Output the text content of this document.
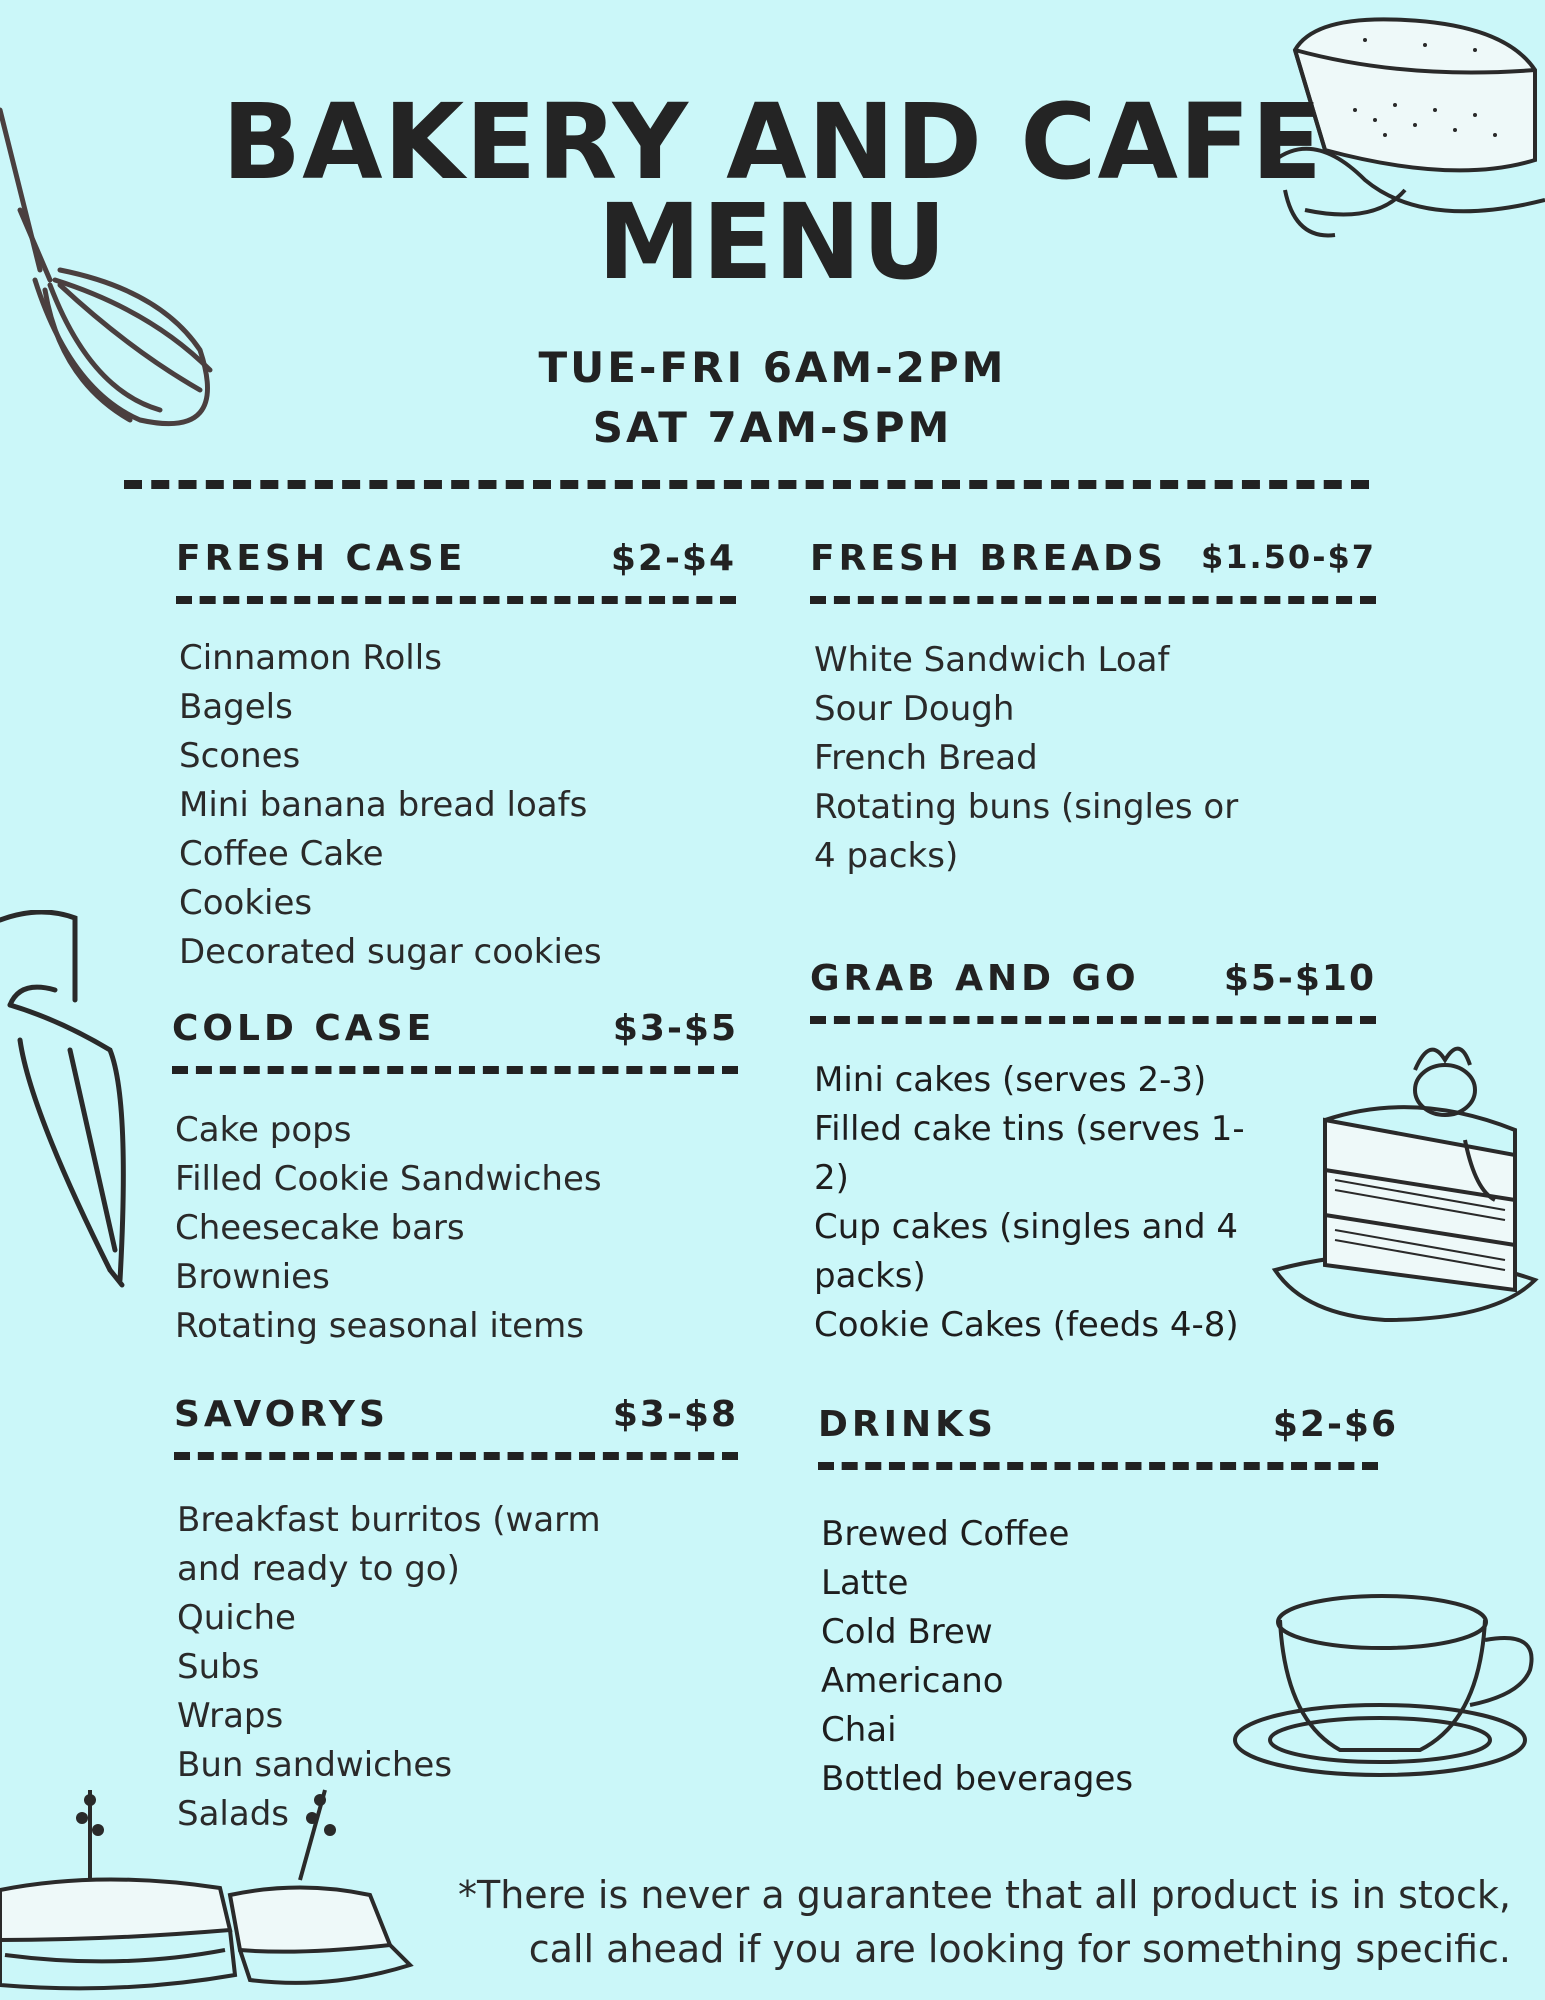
BAKERY AND CAFE
MENU
TUE-FRI 6AM-2PM
SAT 7AM-SPM
FRESH CASE	$2-$4
Cinnamon Rolls
Bagels
Scones
Mini banana bread loafs
Coffee Cake
Cookies
Decorated sugar cookies
COLD CASE	$3-$5
Cake pops
Filled Cookie Sandwiches
Cheesecake bars
Brownies
Rotating seasonal items
SAVORYS	$3-$8
Breakfast burritos (warm
and ready to go)
Quiche
Subs
Wraps
Bun sandwiches
Salads
FRESH BREADS $1.50-$7
White Sandwich Loaf
Sour Dough
French Bread
Rotating buns (singles or
4 packs)
GRAB AND GO $5-$10
Mini cakes (serves 2-3)
Filled cake tins (serves 1-
2)
Cup cakes (singles and 4
packs)
Cookie Cakes (feeds 4-8)
DRINKS	$2-$6
Brewed Coffee
Latte
Cold Brew
Americano
Chai
Bottled beverages
*There is never a guarantee that all product is in stock,
call ahead if you are looking for something specific.
